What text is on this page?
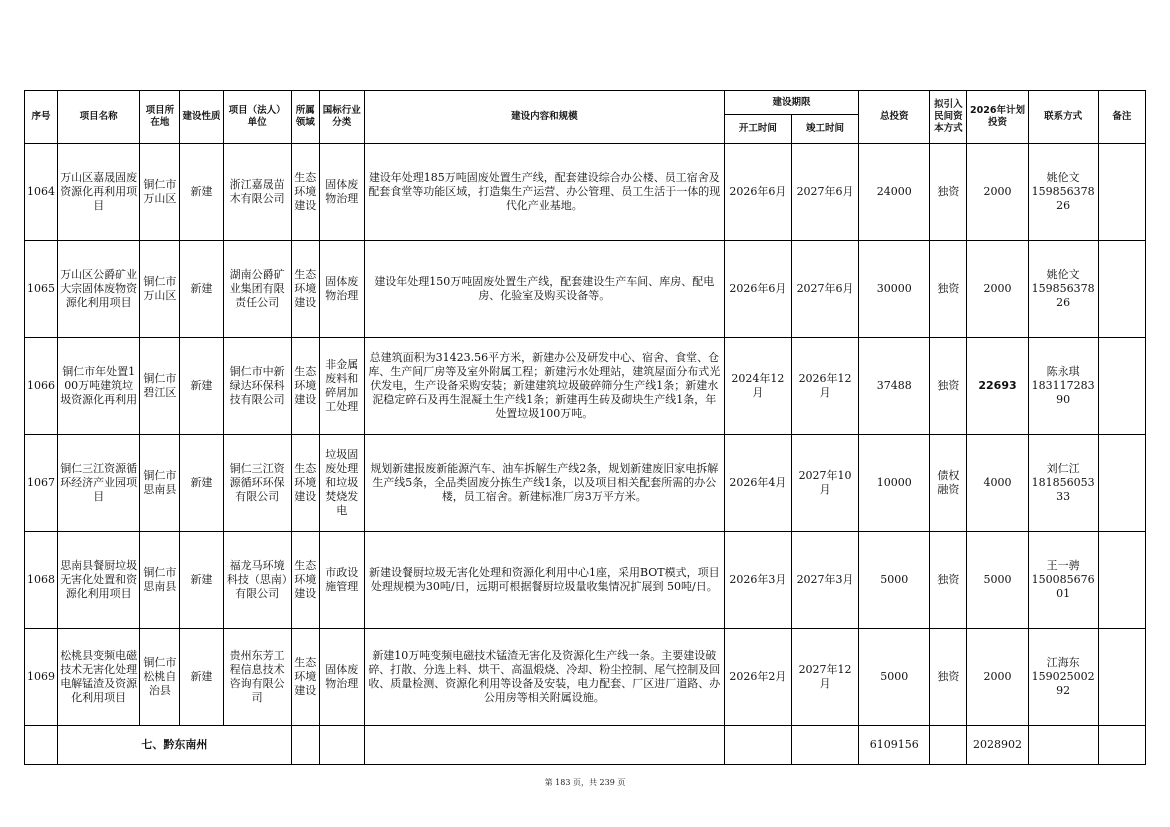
序号	项目名称	项目所在地	建设性质	项目（法人）单位	所属领域	国标行业分类	建设内容和规模	建设期限		总投资	拟引入民间资本方式	2026年计划投资	联系方式	备注
								开工时间	竣工时间					
1064	万山区嘉晟固废资源化再利用项目	铜仁市万山区	新建	浙江嘉晟苗木有限公司	生态环境建设	固体废物治理	建设年处理185万吨固废处置生产线，配套建设综合办公楼、员工宿舍及配套食堂等功能区域，打造集生产运营、办公管理、员工生活于一体的现代化产业基地。	2026年6月	2027年6月	24000	独资	2000	姚伦文
15985637826	

1065	万山区公爵矿业大宗固体废物资源化利用项目	铜仁市万山区	新建	湖南公爵矿业集团有限责任公司	生态环境建设	固体废物治理	建设年处理150万吨固废处置生产线，配套建设生产车间、库房、配电房、化验室及购买设备等。	2026年6月	2027年6月	30000	独资	2000	姚伦文
15985637826	

1066	铜仁市年处置100万吨建筑垃圾资源化再利用	铜仁市碧江区	新建	铜仁市中新绿达环保科技有限公司	生态环境建设	非金属废料和碎屑加工处理	总建筑面积为31423.56平方米，新建办公及研发中心、宿舍、食堂、仓库、生产间厂房等及室外附属工程；新建污水处理站，建筑屋面分布式光伏发电，生产设备采购安装；新建建筑垃圾破碎筛分生产线1条；新建水泥稳定碎石及再生混凝土生产线1条；新建再生砖及砌块生产线1条，年处置垃圾100万吨。	2024年12月	2026年12月	37488	独资	22693	陈永琪
18311728390	

1067	铜仁三江资源循环经济产业园项目	铜仁市思南县	新建	铜仁三江资源循环环保有限公司	生态环境建设	垃圾固废处理和垃圾焚烧发电	规划新建报废新能源汽车、油车拆解生产线2条，规划新建废旧家电拆解生产线5条，全品类固废分拣生产线1条，以及项目相关配套所需的办公楼，员工宿舍。新建标准厂房3万平方米。	2026年4月	2027年10月	10000	债权融资	4000	刘仁江
18185605333	

1068	思南县餐厨垃圾无害化处置和资源化利用项目	铜仁市思南县	新建	福龙马环境科技（思南）有限公司	生态环境建设	市政设施管理	新建设餐厨垃圾无害化处理和资源化利用中心1座，采用BOT模式，项目处理规模为30吨/日，远期可根据餐厨垃圾量收集情况扩展到 50吨/日。	2026年3月	2027年3月	5000	独资	5000	王一骋
15008567601	

1069	松桃县变频电磁技术无害化处理电解锰渣及资源化利用项目	铜仁市松桃自治县	新建	贵州东芳工程信息技术咨询有限公司	生态环境建设	固体废物治理	新建10万吨变频电磁技术锰渣无害化及资源化生产线一条。主要建设破碎、打散、分选上料、烘干、高温煅烧、冷却、粉尘控制、尾气控制及回收、质量检测、资源化利用等设备及安装，电力配套、厂区进厂道路、办公用房等相关附属设施。	2026年2月	2027年12月	5000	独资	2000	江海东
15902500292	

	七、黔东南州									6109156		2028902		
第 183 页，共 239 页
